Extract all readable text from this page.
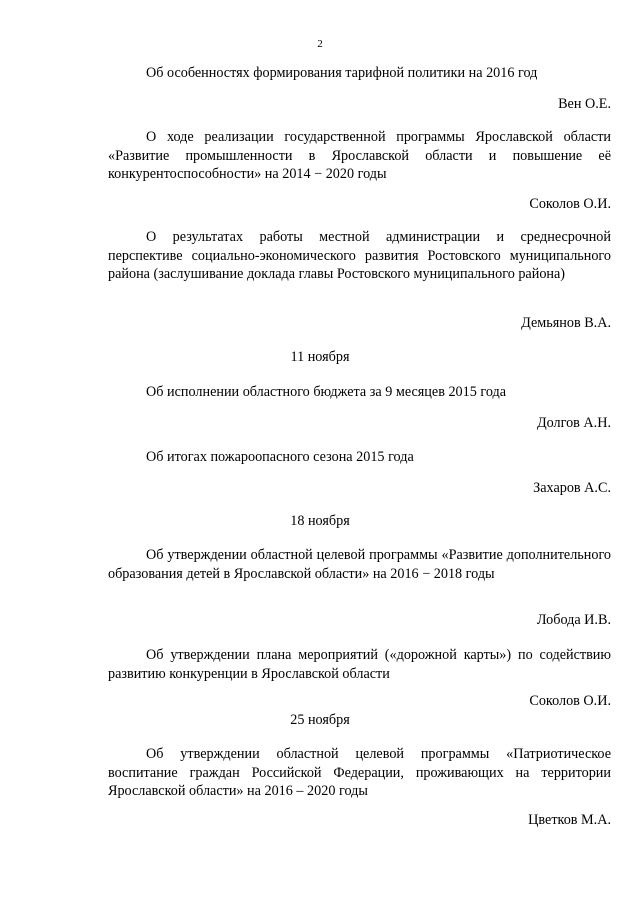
2

Об особенностях формирования тарифной политики на 2016 год

Вен О.Е.

О ходе реализации государственной программы Ярославской области «Развитие промышленности в Ярославской области и повышение её конкурентоспособности» на 2014 − 2020 годы

Соколов О.И.

О результатах работы местной администрации и среднесрочной перспективе социально-экономического развития Ростовского муниципального района (заслушивание доклада главы Ростовского муниципального района)

Демьянов В.А.
11 ноября

Об исполнении областного бюджета за 9 месяцев 2015 года

Долгов А.Н.

Об итогах пожароопасного сезона 2015 года

Захаров А.С.
18 ноября

Об утверждении областной целевой программы «Развитие дополнительного образования детей в Ярославской области» на 2016 − 2018 годы

Лобода И.В.

Об утверждении плана мероприятий («дорожной карты») по содействию развитию конкуренции в Ярославской области

Соколов О.И.
25 ноября

Об утверждении областной целевой программы «Патриотическое воспитание граждан Российской Федерации, проживающих на территории Ярославской области» на 2016 – 2020 годы

Цветков М.А.
